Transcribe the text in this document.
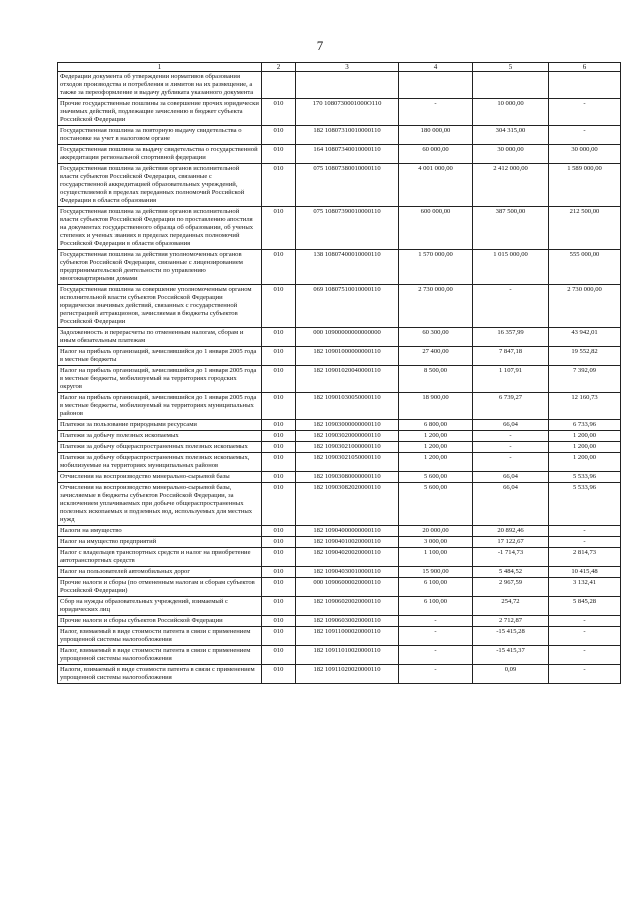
7
1	2	3	4	5	6
Федерации документа об утверждении нормативов образования отходов производства и потребления и лимитов на их размещение, а также за переоформление и выдачу дубликата указанного документа					
Прочие государственные пошлины за совершение прочих юридически значимых действий, подлежащие зачислению в бюджет субъекта Российской Федерации	010	170 1080730001000О110	-	10 000,00	-
Государственная пошлина за повторную выдачу свидетельства о постановке на учет в налоговом органе	010	182 10807310010000110	180 000,00	304 315,00	-
Государственная пошлина за выдачу свидетельства о государственной аккредитации региональной спортивной федерации	010	164 10807340010000110	60 000,00	30 000,00	30 000,00
Государственная пошлина за действия органов исполнительной власти субъектов Российской Федерации, связанные с государственной аккредитацией образовательных учреждений, осуществляемой в пределах переданных полномочий Российской Федерации в области образования	010	075 10807380010000110	4 001 000,00	2 412 000,00	1 589 000,00
Государственная пошлина за действия органов исполнительной власти субъектов Российской Федерации по проставлению апостиля на документах государственного образца об образовании, об ученых степенях и ученых званиях в пределах переданных полномочий Российской Федерации в области образования	010	075 10807390010000110	600 000,00	387 500,00	212 500,00
Государственная пошлина за действия уполномоченных органов субъектов Российской Федерации, связанные с лицензированием предпринимательской деятельности по управлению многоквартирными домами	010	138 10807400010000110	1 570 000,00	1 015 000,00	555 000,00
Государственная пошлина за совершение уполномоченным органом исполнительной власти субъектов Российской Федерации юридически значимых действий, связанных с государственной регистрацией аттракционов, зачисляемая в бюджеты субъектов Российской Федерации	010	069 10807510010000110	2 730 000,00	-	2 730 000,00
Задолженность и перерасчеты по отмененным налогам, сборам и иным обязательным платежам	010	000 10900000000000000	60 300,00	16 357,99	43 942,01
Налог на прибыль организаций, зачислявшийся до 1 января 2005 года в местные бюджеты	010	182 10901000000000110	27 400,00	7 847,18	19 552,82
Налог на прибыль организаций, зачислявшийся до 1 января 2005 года в местные бюджеты, мобилизуемый на территориях городских округов	010	182 10901020040000110	8 500,00	1 107,91	7 392,09
Налог на прибыль организаций, зачислявшийся до 1 января 2005 года в местные бюджеты, мобилизуемый на территориях муниципальных районов	010	182 10901030050000110	18 900,00	6 739,27	12 160,73
Платежи за пользование природными ресурсами	010	182 10903000000000110	6 800,00	66,04	6 733,96
Платежи за добычу полезных ископаемых	010	182 10903020000000110	1 200,00	-	1 200,00
Платежи за добычу общераспространенных полезных ископаемых	010	182 10903021000000110	1 200,00	-	1 200,00
Платежи за добычу общераспространенных полезных ископаемых, мобилизуемые на территориях муниципальных районов	010	182 10903021050000110	1 200,00	-	1 200,00
Отчисления на воспроизводство минерально-сырьевой базы	010	182 10903080000000110	5 600,00	66,04	5 533,96
Отчисления на воспроизводство минерально-сырьевой базы, зачисляемые в бюджеты субъектов Российской Федерации, за исключением уплачиваемых при добыче общераспространенных полезных ископаемых и подземных вод, используемых для местных нужд	010	182 10903082020000110	5 600,00	66,04	5 533,96
Налоги на имущество	010	182 10904000000000110	20 000,00	20 892,46	-
Налог на имущество предприятий	010	182 10904010020000110	3 000,00	17 122,67	-
Налог с владельцев транспортных средств и налог на приобретение автотранспортных средств	010	182 10904020020000110	1 100,00	-1 714,73	2 814,73
Налог на пользователей автомобильных дорог	010	182 10904030010000110	15 900,00	5 484,52	10 415,48
Прочие налоги и сборы (по отмененным налогам и сборам субъектов Российской Федерации)	010	000 10906000020000110	6 100,00	2 967,59	3 132,41
Сбор на нужды образовательных учреждений, взимаемый с юридических лиц	010	182 10906020020000110	6 100,00	254,72	5 845,28
Прочие налоги и сборы субъектов Российской Федерации	010	182 10906030020000110	-	2 712,87	-
Налог, взимаемый в виде стоимости патента в связи с применением упрощенной системы налогообложения	010	182 10911000020000110	-	-15 415,28	-
Налог, взимаемый в виде стоимости патента в связи с применением упрощенной системы налогообложения	010	182 10911010020000110	-	-15 415,37	-
Налоги, взимаемый в виде стоимости патента в связи с применением упрощенной системы налогообложения	010	182 10911020020000110	-	0,09	-
